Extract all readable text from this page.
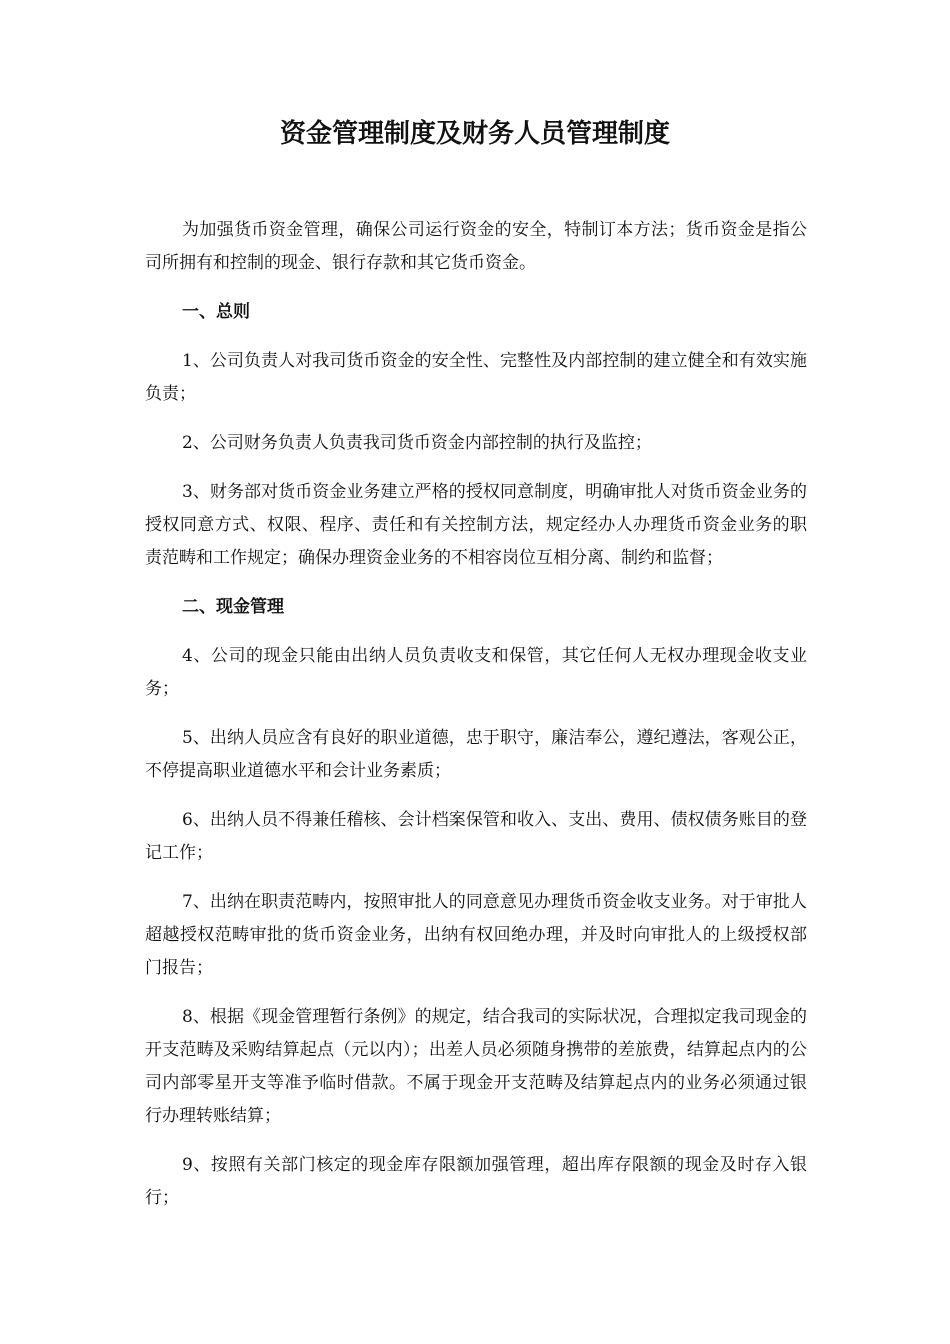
资金管理制度及财务人员管理制度

为加强货币资金管理，确保公司运行资金的安全，特制订本方法；货币资金是指公司所拥有和控制的现金、银行存款和其它货币资金。

一、总则

1、公司负责人对我司货币资金的安全性、完整性及内部控制的建立健全和有效实施负责；

2、公司财务负责人负责我司货币资金内部控制的执行及监控；

3、财务部对货币资金业务建立严格的授权同意制度，明确审批人对货币资金业务的授权同意方式、权限、程序、责任和有关控制方法，规定经办人办理货币资金业务的职责范畴和工作规定；确保办理资金业务的不相容岗位互相分离、制约和监督；

二、现金管理

4、公司的现金只能由出纳人员负责收支和保管，其它任何人无权办理现金收支业务；

5、出纳人员应含有良好的职业道德，忠于职守，廉洁奉公，遵纪遵法，客观公正，不停提高职业道德水平和会计业务素质；

6、出纳人员不得兼任稽核、会计档案保管和收入、支出、费用、债权债务账目的登记工作；

7、出纳在职责范畴内，按照审批人的同意意见办理货币资金收支业务。对于审批人超越授权范畴审批的货币资金业务，出纳有权回绝办理，并及时向审批人的上级授权部门报告；

8、根据《现金管理暂行条例》的规定，结合我司的实际状况，合理拟定我司现金的开支范畴及采购结算起点（元以内）；出差人员必须随身携带的差旅费，结算起点内的公司内部零星开支等准予临时借款。不属于现金开支范畴及结算起点内的业务必须通过银行办理转账结算；

9、按照有关部门核定的现金库存限额加强管理，超出库存限额的现金及时存入银行；
